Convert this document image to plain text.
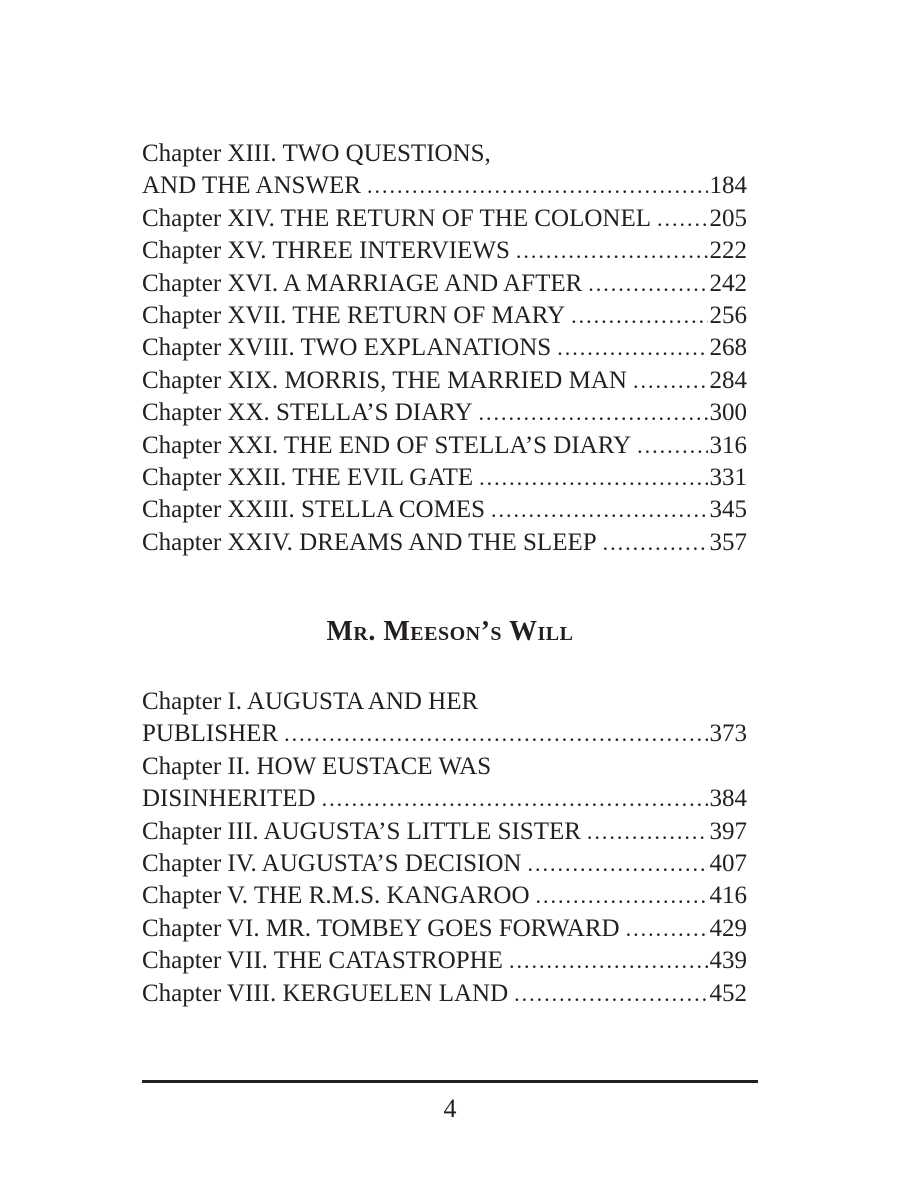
Chapter XIII. TWO QUESTIONS,
AND THE ANSWER .....	184
Chapter XIV. THE RETURN OF THE COLONEL ..... 205
Chapter XV. THREE INTERVIEWS .....	222
Chapter XVI. A MARRIAGE AND AFTER .....	242
Chapter XVII. THE RETURN OF MARY .....	256
Chapter XVIII. TWO EXPLANATIONS .....	268
Chapter XIX. MORRIS, THE MARRIED MAN .....	284
Chapter XX. STELLA’S DIARY .....	300
Chapter XXI. THE END OF STELLA’S DIARY .....	316
Chapter XXII. THE EVIL GATE .....	331
Chapter XXIII. STELLA COMES .....	345
Chapter XXIV. DREAMS AND THE SLEEP .....	357
Mr. Meeson’s Will
Chapter I. AUGUSTA AND HER
PUBLISHER .....	373
Chapter II. HOW EUSTACE WAS
DISINHERITED .....	384
Chapter III. AUGUSTA’S LITTLE SISTER .....	397
Chapter IV. AUGUSTA’S DECISION .....	407
Chapter V. THE R.M.S. KANGAROO .....	416
Chapter VI. MR. TOMBEY GOES FORWARD .....	429
Chapter VII. THE CATASTROPHE .....	439
Chapter VIII. KERGUELEN LAND .....	452
4
